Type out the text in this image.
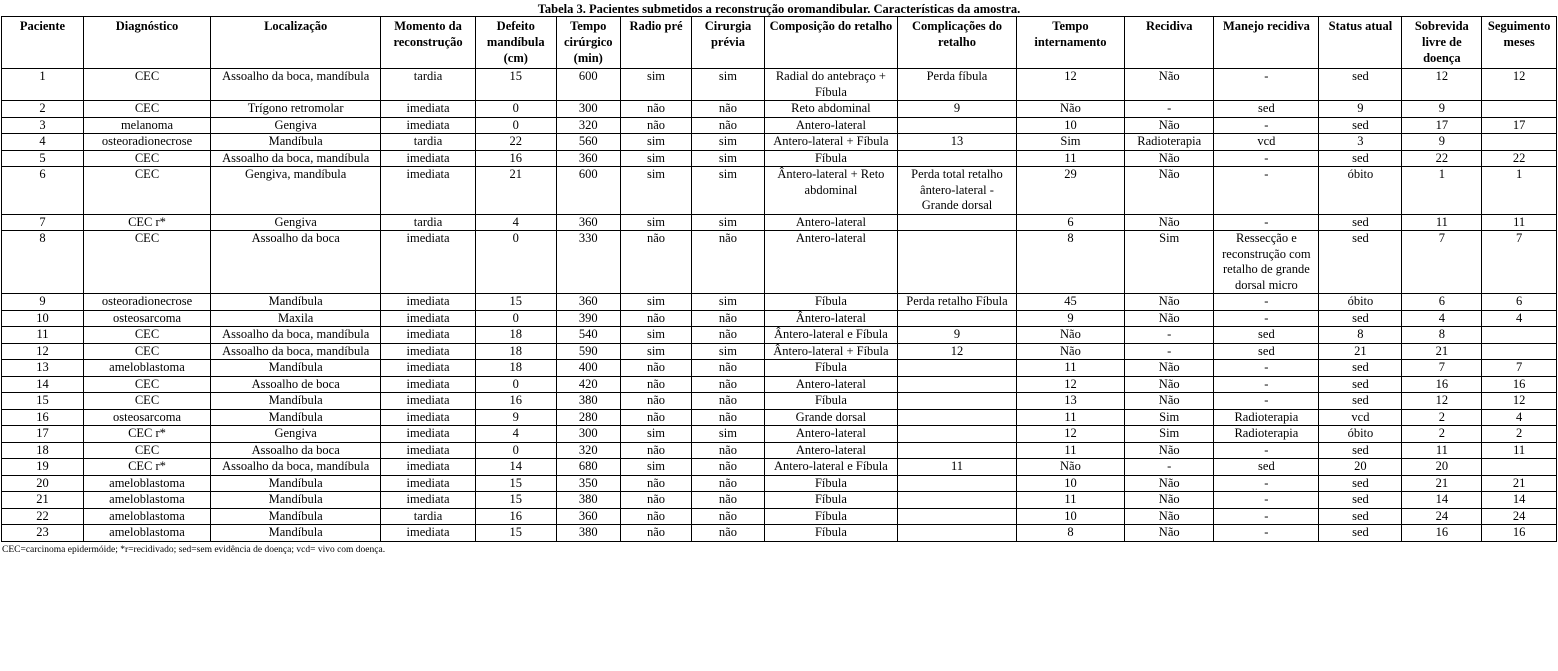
Tabela 3. Pacientes submetidos a reconstrução oromandibular. Características da amostra.
Paciente	Diagnóstico	Localização	Momento da reconstrução	Defeito mandíbula (cm)	Tempo cirúrgico (min)	Radio pré	Cirurgia prévia	Composição do retalho	Complicações do retalho	Tempo internamento	Recidiva	Manejo recidiva	Status atual	Sobrevida livre de doença	Seguimento meses
1	CEC	Assoalho da boca, mandíbula	tardia	15	600	sim	sim	Radial do antebraço + Fíbula	Perda fíbula	12	Não	-	sed	12	12
2	CEC	Trígono retromolar	imediata	0	300	não	não	Reto abdominal	9	Não	-	sed	9	9	
3	melanoma	Gengiva	imediata	0	320	não	não	Antero-lateral		10	Não	-	sed	17	17
4	osteoradionecrose	Mandíbula	tardia	22	560	sim	sim	Antero-lateral + Fíbula	13	Sim	Radioterapia	vcd	3	9	
5	CEC	Assoalho da boca, mandíbula	imediata	16	360	sim	sim	Fíbula		11	Não	-	sed	22	22
6	CEC	Gengiva, mandíbula	imediata	21	600	sim	sim	Ântero-lateral + Reto abdominal	Perda total retalho ântero-lateral - Grande dorsal	29	Não	-	óbito	1	1
7	CEC r*	Gengiva	tardia	4	360	sim	sim	Antero-lateral		6	Não	-	sed	11	11
8	CEC	Assoalho da boca	imediata	0	330	não	não	Antero-lateral		8	Sim	Ressecção e reconstrução com retalho de grande dorsal micro	sed	7	7
9	osteoradionecrose	Mandíbula	imediata	15	360	sim	sim	Fíbula	Perda retalho Fíbula	45	Não	-	óbito	6	6
10	osteosarcoma	Maxila	imediata	0	390	não	não	Ântero-lateral		9	Não	-	sed	4	4
11	CEC	Assoalho da boca, mandíbula	imediata	18	540	sim	não	Ântero-lateral e Fíbula	9	Não	-	sed	8	8	
12	CEC	Assoalho da boca, mandíbula	imediata	18	590	sim	sim	Ântero-lateral + Fíbula	12	Não	-	sed	21	21	
13	ameloblastoma	Mandíbula	imediata	18	400	não	não	Fíbula		11	Não	-	sed	7	7
14	CEC	Assoalho de boca	imediata	0	420	não	não	Antero-lateral		12	Não	-	sed	16	16
15	CEC	Mandíbula	imediata	16	380	não	não	Fíbula		13	Não	-	sed	12	12
16	osteosarcoma	Mandíbula	imediata	9	280	não	não	Grande dorsal		11	Sim	Radioterapia	vcd	2	4
17	CEC r*	Gengiva	imediata	4	300	sim	sim	Antero-lateral		12	Sim	Radioterapia	óbito	2	2
18	CEC	Assoalho da boca	imediata	0	320	não	não	Antero-lateral		11	Não	-	sed	11	11
19	CEC r*	Assoalho da boca, mandíbula	imediata	14	680	sim	não	Antero-lateral e Fíbula	11	Não	-	sed	20	20	
20	ameloblastoma	Mandíbula	imediata	15	350	não	não	Fíbula		10	Não	-	sed	21	21
21	ameloblastoma	Mandíbula	imediata	15	380	não	não	Fíbula		11	Não	-	sed	14	14
22	ameloblastoma	Mandíbula	tardia	16	360	não	não	Fíbula		10	Não	-	sed	24	24
23	ameloblastoma	Mandíbula	imediata	15	380	não	não	Fíbula		8	Não	-	sed	16	16
CEC=carcinoma epidermóide; *r=recidivado; sed=sem evidência de doença; vcd= vivo com doença.
